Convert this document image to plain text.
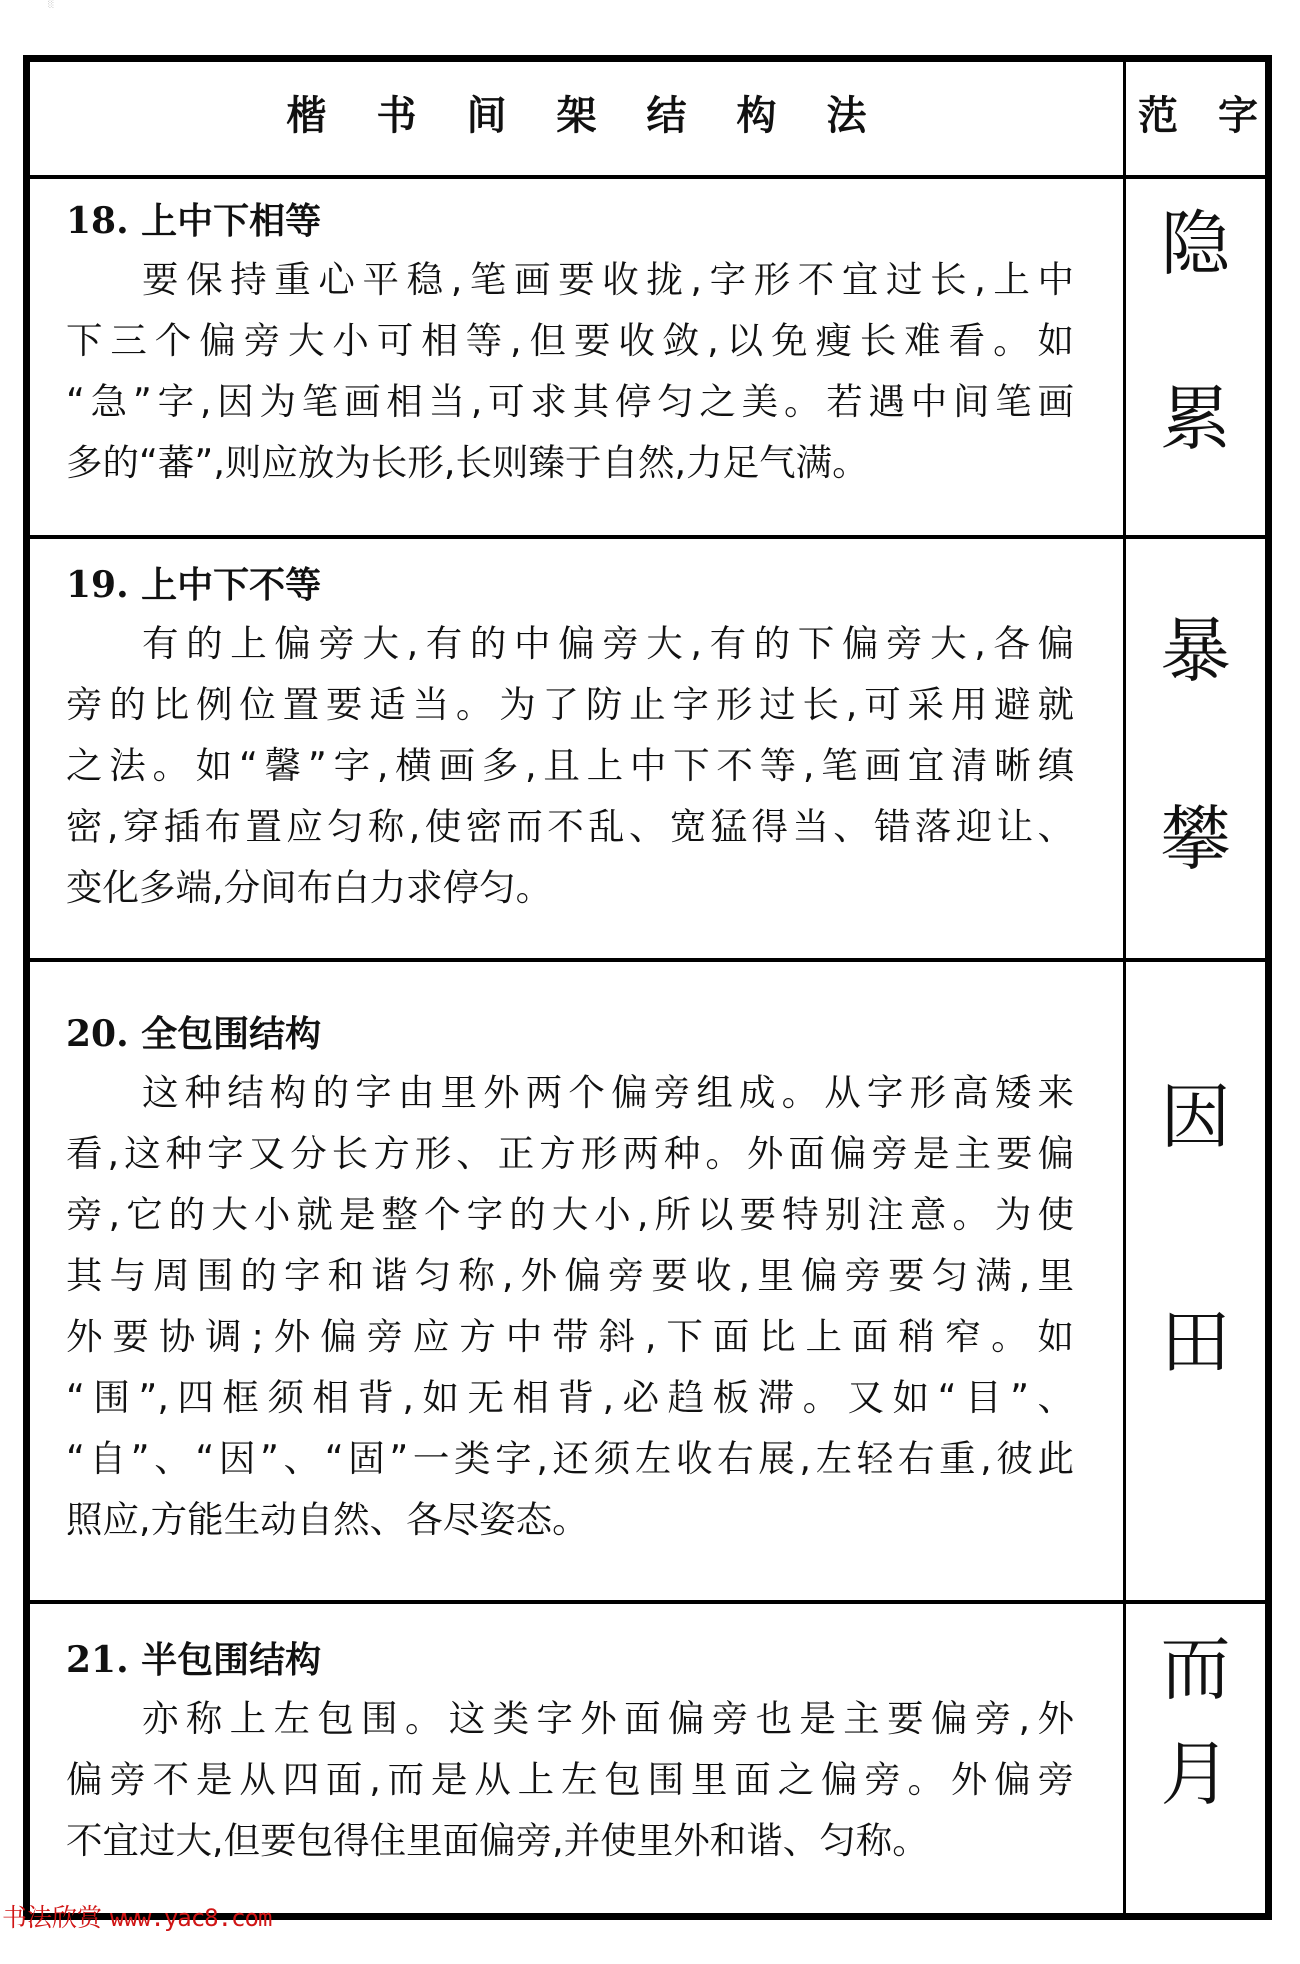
░
楷书间架结构法	范 字
18. 上中下相等

要保持重心平稳,笔画要收拢,字形不宜过长,上中
下三个偏旁大小可相等,但要收敛,以免瘦长难看。如
“急”字,因为笔画相当,可求其停匀之美。若遇中间笔画
多的“蕃”,则应放为长形,长则臻于自然,力足气满。

隐
累
19. 上中下不等

有的上偏旁大,有的中偏旁大,有的下偏旁大,各偏
旁的比例位置要适当。为了防止字形过长,可采用避就
之法。如“馨”字,横画多,且上中下不等,笔画宜清晰缜
密,穿插布置应匀称,使密而不乱、宽猛得当、错落迎让、
变化多端,分间布白力求停匀。

暴
攀
20. 全包围结构

这种结构的字由里外两个偏旁组成。从字形高矮来
看,这种字又分长方形、正方形两种。外面偏旁是主要偏
旁,它的大小就是整个字的大小,所以要特别注意。为使
其与周围的字和谐匀称,外偏旁要收,里偏旁要匀满,里
外要协调;外偏旁应方中带斜,下面比上面稍窄。如
“围”,四框须相背,如无相背,必趋板滞。又如“目”、
“自”、“因”、“固”一类字,还须左收右展,左轻右重,彼此
照应,方能生动自然、各尽姿态。

因
田
21. 半包围结构

亦称上左包围。这类字外面偏旁也是主要偏旁,外
偏旁不是从四面,而是从上左包围里面之偏旁。外偏旁
不宜过大,但要包得住里面偏旁,并使里外和谐、匀称。

而
月
书法欣赏 www.yac8.com
